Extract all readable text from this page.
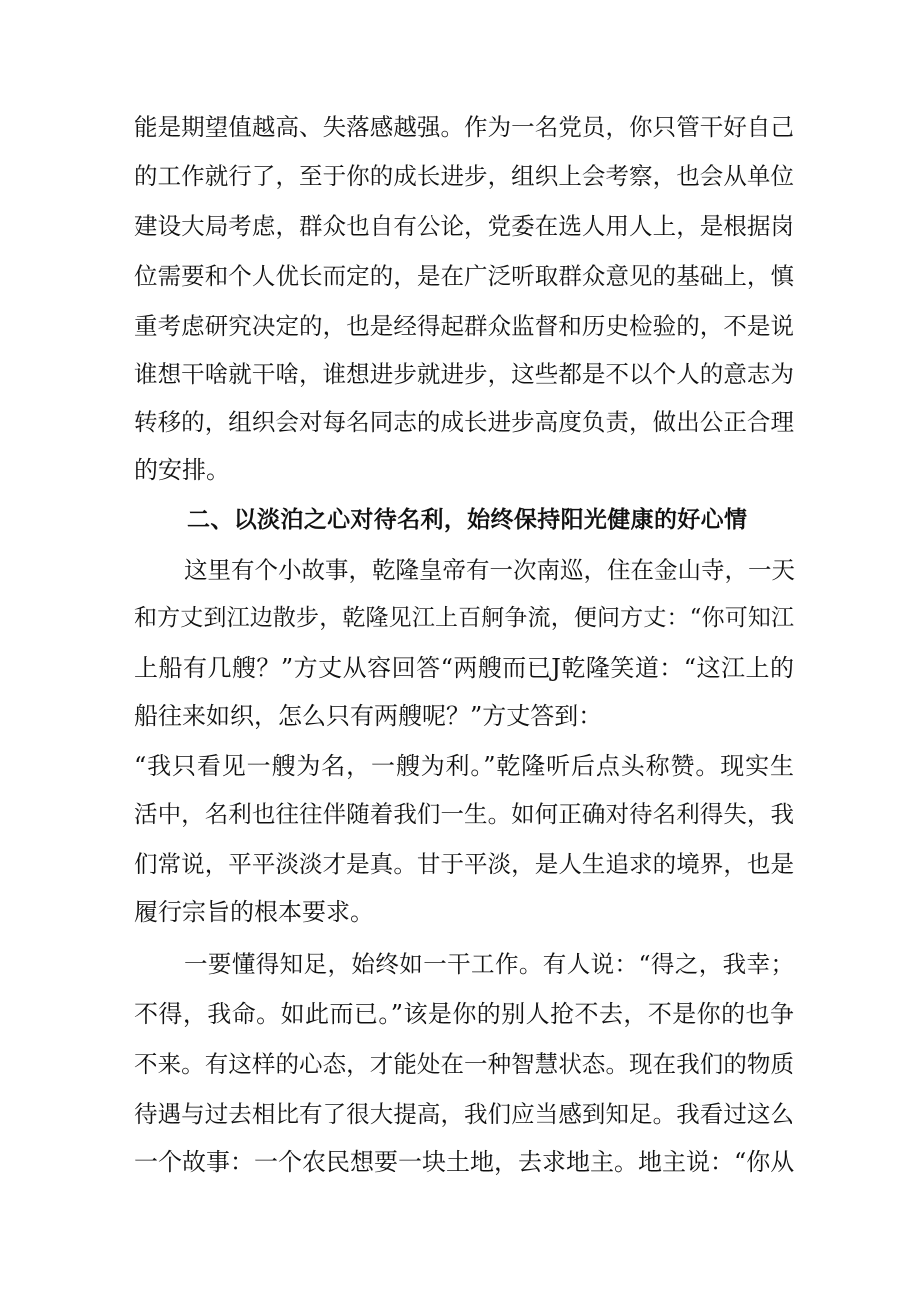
能是期望值越高、失落感越强。作为一名党员，你只管干好自己
的工作就行了，至于你的成长进步，组织上会考察，也会从单位
建设大局考虑，群众也自有公论，党委在选人用人上，是根据岗
位需要和个人优长而定的，是在广泛听取群众意见的基础上，慎
重考虑研究决定的，也是经得起群众监督和历史检验的，不是说
谁想干啥就干啥，谁想进步就进步，这些都是不以个人的意志为
转移的，组织会对每名同志的成长进步高度负责，做出公正合理
的安排。
二、以淡泊之心对待名利，始终保持阳光健康的好心情
这里有个小故事，乾隆皇帝有一次南巡，住在金山寺，一天
和方丈到江边散步，乾隆见江上百舸争流，便问方丈：“你可知江
上船有几艘？”方丈从容回答“两艘而已J乾隆笑道：“这江上的
船往来如织，怎么只有两艘呢？”方丈答到：
“我只看见一艘为名，一艘为利。”乾隆听后点头称赞。现实生
活中，名利也往往伴随着我们一生。如何正确对待名利得失，我
们常说，平平淡淡才是真。甘于平淡，是人生追求的境界，也是
履行宗旨的根本要求。
一要懂得知足，始终如一干工作。有人说：“得之，我幸；
不得，我命。如此而已。”该是你的别人抢不去，不是你的也争
不来。有这样的心态，才能处在一种智慧状态。现在我们的物质
待遇与过去相比有了很大提高，我们应当感到知足。我看过这么
一个故事：一个农民想要一块土地，去求地主。地主说：“你从
